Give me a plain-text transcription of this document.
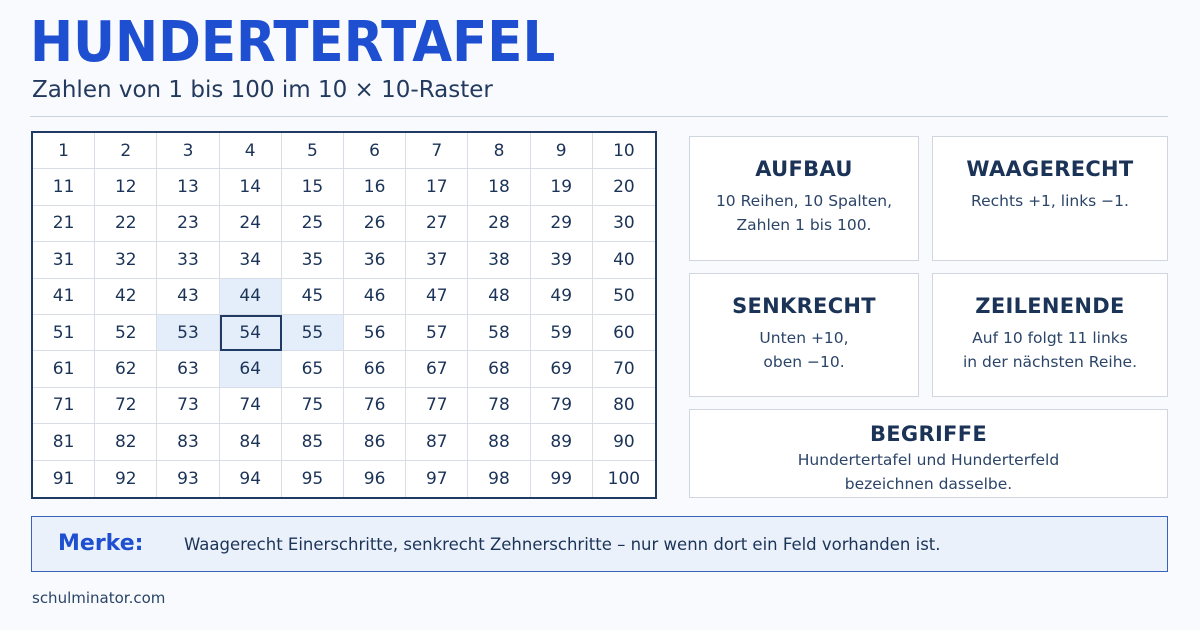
HUNDERTERTAFEL

Zahlen von 1 bis 100 im 10 × 10-Raster

1	2	3	4	5	6	7	8	9	10
11	12	13	14	15	16	17	18	19	20
21	22	23	24	25	26	27	28	29	30
31	32	33	34	35	36	37	38	39	40
41	42	43	44	45	46	47	48	49	50
51	52	53	54	55	56	57	58	59	60
61	62	63	64	65	66	67	68	69	70
71	72	73	74	75	76	77	78	79	80
81	82	83	84	85	86	87	88	89	90
91	92	93	94	95	96	97	98	99	100
AUFBAU

10 Reihen, 10 Spalten,
Zahlen 1 bis 100.

WAAGERECHT

Rechts +1, links −1.

SENKRECHT

Unten +10,
oben −10.

ZEILENENDE

Auf 10 folgt 11 links
in der nächsten Reihe.

BEGRIFFE

Hundertertafel und Hunderterfeld
bezeichnen dasselbe.

Merke: Waagerecht Einerschritte, senkrecht Zehnerschritte – nur wenn dort ein Feld vorhanden ist.
schulminator.com
